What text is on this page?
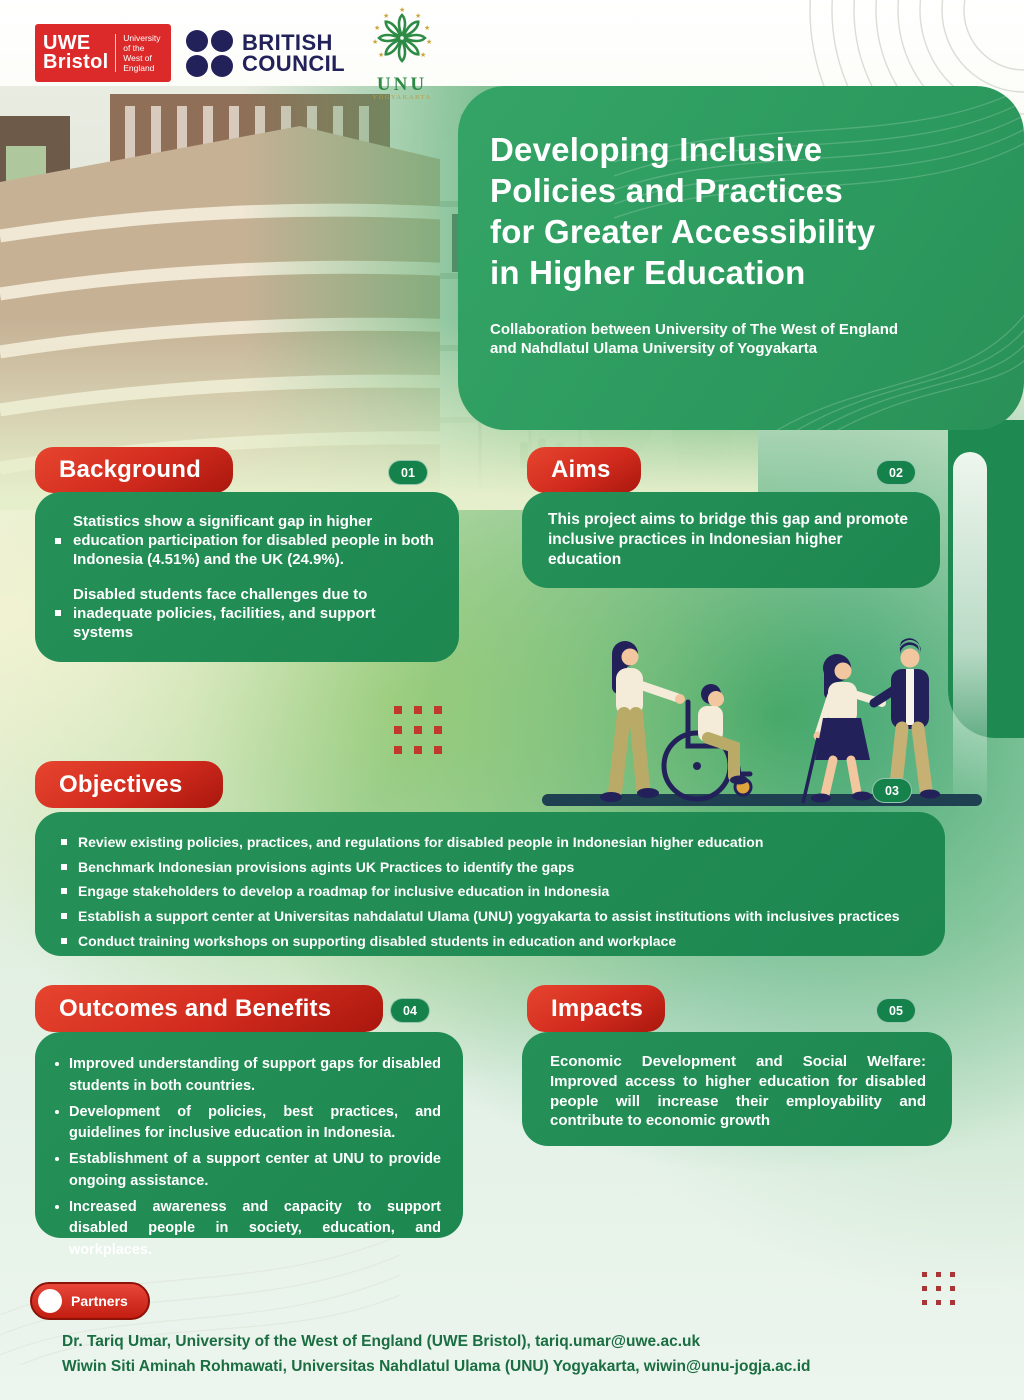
UWE
Bristol
University of the West of England
BRITISH
COUNCIL
★
★	★
★	★
★	★
★	★
UNU
YOGYAKARTA
Developing Inclusive
Policies and Practices
for Greater Accessibility
in Higher Education
Collaboration between University of The West of England
and Nahdlatul Ulama University of Yogyakarta
Background	01
Statistics show a significant gap in higher education participation for disabled people in both Indonesia (4.51%) and the UK (24.9%).
Disabled students face challenges due to inadequate policies, facilities, and support systems
Aims	02
This project aims to bridge this gap and promote inclusive practices in Indonesian higher education
Objectives	03
Review existing policies, practices, and regulations for disabled people in Indonesian higher education
Benchmark Indonesian provisions agints UK Practices to identify the gaps
Engage stakeholders to develop a roadmap for inclusive education in Indonesia
Establish a support center at Universitas nahdalatul Ulama (UNU) yogyakarta to assist institutions with inclusives practices
Conduct training workshops on supporting disabled students in education and workplace
Outcomes and Benefits	04
Improved understanding of support gaps for disabled students in both countries.
Development of policies, best practices, and guidelines for inclusive education in Indonesia.
Establishment of a support center at UNU to provide ongoing assistance.
Increased awareness and capacity to support disabled people in society, education, and workplaces.
Impacts	05
Economic Development and Social Welfare: Improved access to higher education for disabled people will increase their employability and contribute to economic growth
Partners
Dr. Tariq Umar, University of the West of England (UWE Bristol), tariq.umar@uwe.ac.uk
Wiwin Siti Aminah Rohmawati, Universitas Nahdlatul Ulama (UNU) Yogyakarta, wiwin@unu-jogja.ac.id
